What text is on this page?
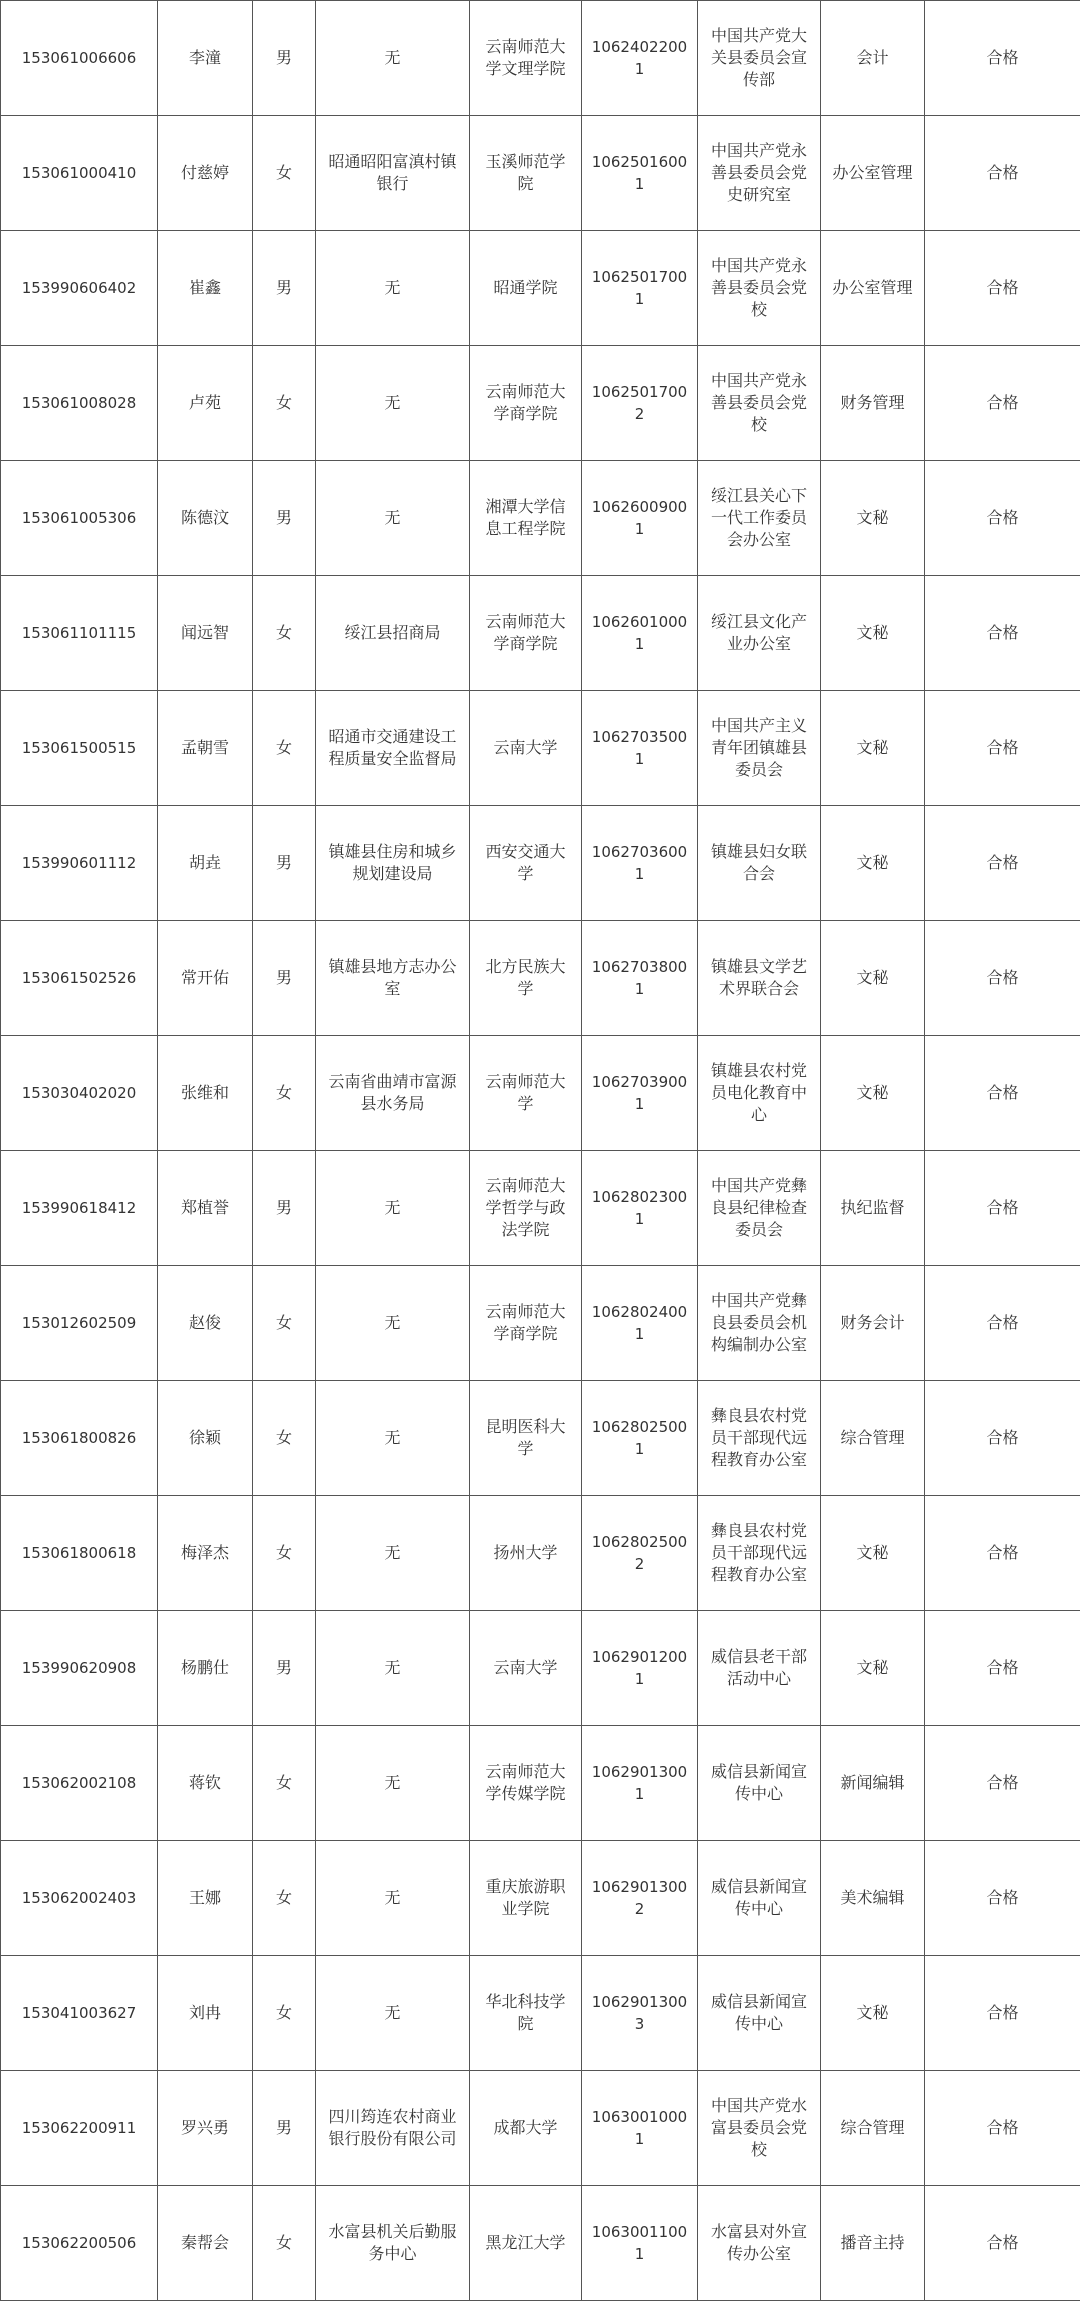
153061006606	李潼	男	无	云南师范大学文理学院	10624022001	中国共产党大关县委员会宣传部	会计	合格
153061000410	付慈婷	女	昭通昭阳富滇村镇银行	玉溪师范学院	10625016001	中国共产党永善县委员会党史研究室	办公室管理	合格
153990606402	崔鑫	男	无	昭通学院	10625017001	中国共产党永善县委员会党校	办公室管理	合格
153061008028	卢苑	女	无	云南师范大学商学院	10625017002	中国共产党永善县委员会党校	财务管理	合格
153061005306	陈德汶	男	无	湘潭大学信息工程学院	10626009001	绥江县关心下一代工作委员会办公室	文秘	合格
153061101115	闻远智	女	绥江县招商局	云南师范大学商学院	10626010001	绥江县文化产业办公室	文秘	合格
153061500515	孟朝雪	女	昭通市交通建设工程质量安全监督局	云南大学	10627035001	中国共产主义青年团镇雄县委员会	文秘	合格
153990601112	胡垚	男	镇雄县住房和城乡规划建设局	西安交通大学	10627036001	镇雄县妇女联合会	文秘	合格
153061502526	常开佑	男	镇雄县地方志办公室	北方民族大学	10627038001	镇雄县文学艺术界联合会	文秘	合格
153030402020	张维和	女	云南省曲靖市富源县水务局	云南师范大学	10627039001	镇雄县农村党员电化教育中心	文秘	合格
153990618412	郑植誉	男	无	云南师范大学哲学与政法学院	10628023001	中国共产党彝良县纪律检查委员会	执纪监督	合格
153012602509	赵俊	女	无	云南师范大学商学院	10628024001	中国共产党彝良县委员会机构编制办公室	财务会计	合格
153061800826	徐颖	女	无	昆明医科大学	10628025001	彝良县农村党员干部现代远程教育办公室	综合管理	合格
153061800618	梅泽杰	女	无	扬州大学	10628025002	彝良县农村党员干部现代远程教育办公室	文秘	合格
153990620908	杨鹏仕	男	无	云南大学	10629012001	威信县老干部活动中心	文秘	合格
153062002108	蒋钦	女	无	云南师范大学传媒学院	10629013001	威信县新闻宣传中心	新闻编辑	合格
153062002403	王娜	女	无	重庆旅游职业学院	10629013002	威信县新闻宣传中心	美术编辑	合格
153041003627	刘冉	女	无	华北科技学院	10629013003	威信县新闻宣传中心	文秘	合格
153062200911	罗兴勇	男	四川筠连农村商业银行股份有限公司	成都大学	10630010001	中国共产党水富县委员会党校	综合管理	合格
153062200506	秦帮会	女	水富县机关后勤服务中心	黑龙江大学	10630011001	水富县对外宣传办公室	播音主持	合格
